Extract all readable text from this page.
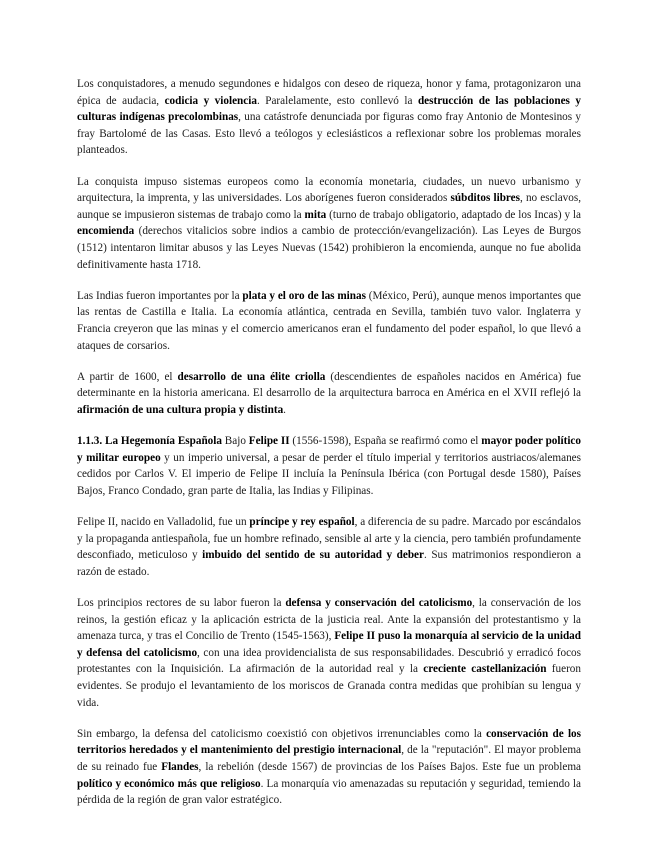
Los conquistadores, a menudo segundones e hidalgos con deseo de riqueza, honor y fama, protagonizaron una épica de audacia, codicia y violencia. Paralelamente, esto conllevó la destrucción de las poblaciones y culturas indígenas precolombinas, una catástrofe denunciada por figuras como fray Antonio de Montesinos y fray Bartolomé de las Casas. Esto llevó a teólogos y eclesiásticos a reflexionar sobre los problemas morales planteados.

La conquista impuso sistemas europeos como la economía monetaria, ciudades, un nuevo urbanismo y arquitectura, la imprenta, y las universidades. Los aborígenes fueron considerados súbditos libres, no esclavos, aunque se impusieron sistemas de trabajo como la mita (turno de trabajo obligatorio, adaptado de los Incas) y la encomienda (derechos vitalicios sobre indios a cambio de protección/evangelización). Las Leyes de Burgos (1512) intentaron limitar abusos y las Leyes Nuevas (1542) prohibieron la encomienda, aunque no fue abolida definitivamente hasta 1718.

Las Indias fueron importantes por la plata y el oro de las minas (México, Perú), aunque menos importantes que las rentas de Castilla e Italia. La economía atlántica, centrada en Sevilla, también tuvo valor. Inglaterra y Francia creyeron que las minas y el comercio americanos eran el fundamento del poder español, lo que llevó a ataques de corsarios.

A partir de 1600, el desarrollo de una élite criolla (descendientes de españoles nacidos en América) fue determinante en la historia americana. El desarrollo de la arquitectura barroca en América en el XVII reflejó la afirmación de una cultura propia y distinta.

1.1.3. La Hegemonía Española Bajo Felipe II (1556-1598), España se reafirmó como el mayor poder político y militar europeo y un imperio universal, a pesar de perder el título imperial y territorios austriacos/alemanes cedidos por Carlos V. El imperio de Felipe II incluía la Península Ibérica (con Portugal desde 1580), Países Bajos, Franco Condado, gran parte de Italia, las Indias y Filipinas.

Felipe II, nacido en Valladolid, fue un príncipe y rey español, a diferencia de su padre. Marcado por escándalos y la propaganda antiespañola, fue un hombre refinado, sensible al arte y la ciencia, pero también profundamente desconfiado, meticuloso y imbuido del sentido de su autoridad y deber. Sus matrimonios respondieron a razón de estado.

Los principios rectores de su labor fueron la defensa y conservación del catolicismo, la conservación de los reinos, la gestión eficaz y la aplicación estricta de la justicia real. Ante la expansión del protestantismo y la amenaza turca, y tras el Concilio de Trento (1545-1563), Felipe II puso la monarquía al servicio de la unidad y defensa del catolicismo, con una idea providencialista de sus responsabilidades. Descubrió y erradicó focos protestantes con la Inquisición. La afirmación de la autoridad real y la creciente castellanización fueron evidentes. Se produjo el levantamiento de los moriscos de Granada contra medidas que prohibían su lengua y vida.

Sin embargo, la defensa del catolicismo coexistió con objetivos irrenunciables como la conservación de los territorios heredados y el mantenimiento del prestigio internacional, de la "reputación". El mayor problema de su reinado fue Flandes, la rebelión (desde 1567) de provincias de los Países Bajos. Este fue un problema político y económico más que religioso. La monarquía vio amenazadas su reputación y seguridad, temiendo la pérdida de la región de gran valor estratégico.
